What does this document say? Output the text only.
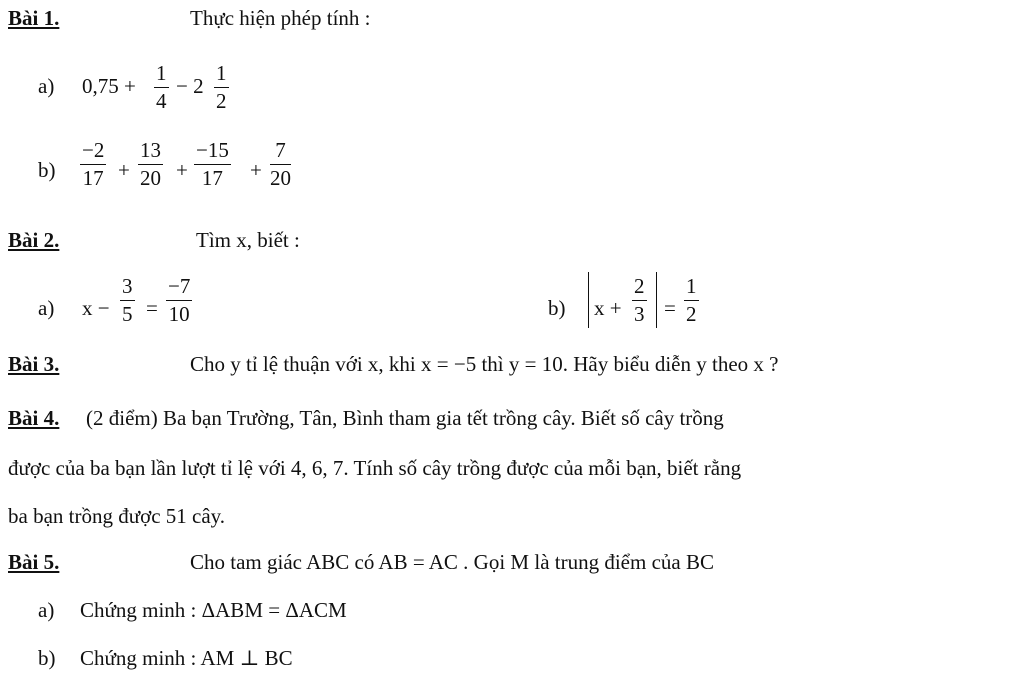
Bài 1.	Thực hiện phép tính :
a) 0,75 +
1
4
− 2
1
2
b)
−2
17 +
13
20 +
−15
17 +
7
20
Bài 2.	Tìm x, biết :
a) x −
3
5 =
−7
10	b) x +
2
3 =
1
2
Bài 3.	Cho y tỉ lệ thuận với x, khi x = −5 thì y = 10. Hãy biểu diễn y theo x ?
Bài 4. (2 điểm) Ba bạn Trường, Tân, Bình tham gia tết trồng cây. Biết số cây trồng
được của ba bạn lần lượt tỉ lệ với 4, 6, 7. Tính số cây trồng được của mỗi bạn, biết rằng
ba bạn trồng được 51 cây.
Bài 5.	Cho tam giác ABC có AB = AC . Gọi M là trung điểm của BC
a) Chứng minh : ΔABM = ΔACM
b) Chứng minh : AM ⊥ BC
